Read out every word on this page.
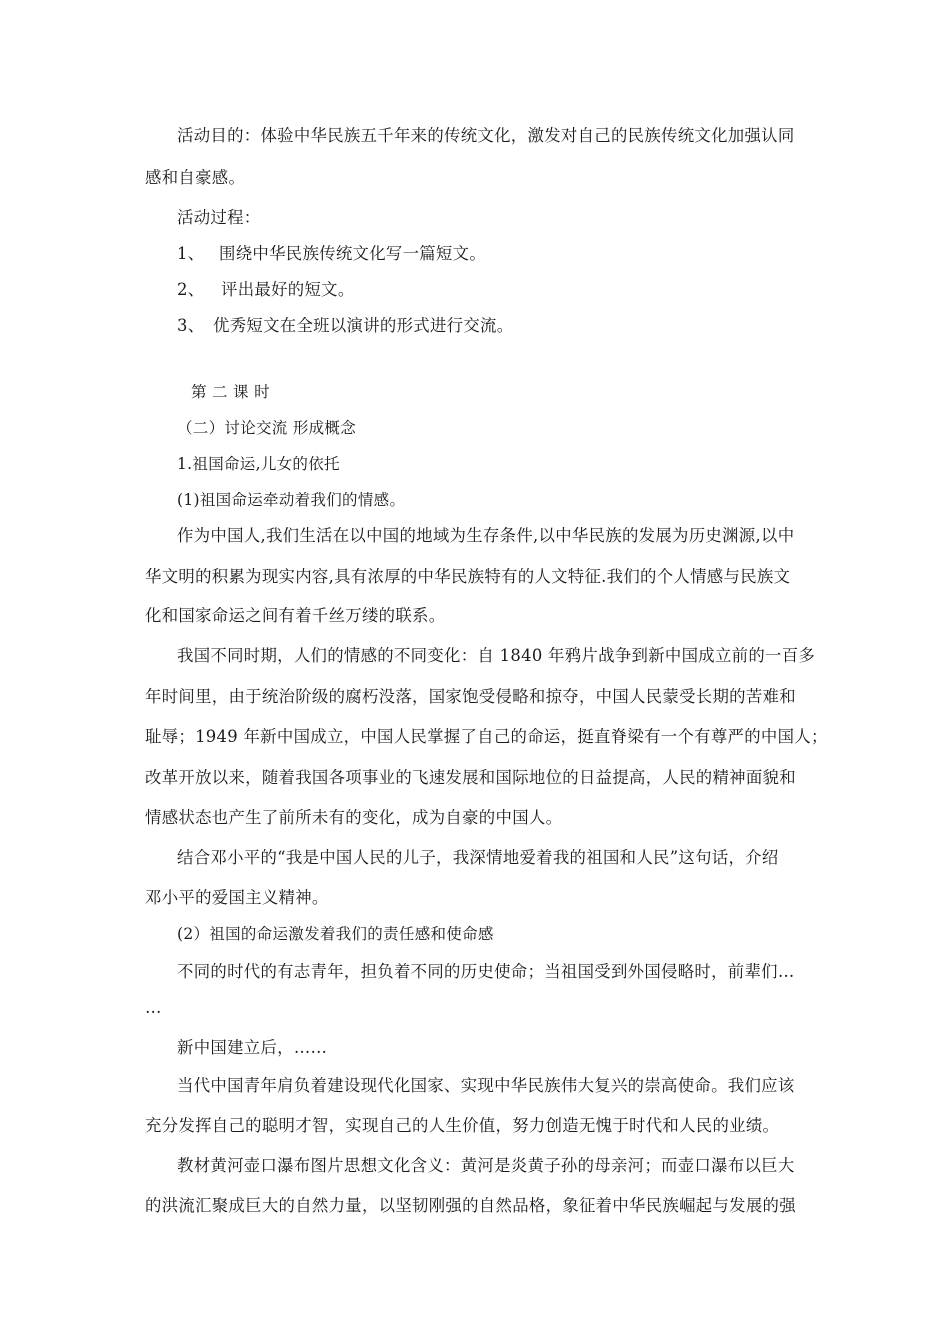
活动目的：体验中华民族五千年来的传统文化，激发对自己的民族传统文化加强认同
感和自豪感。
活动过程：
1、 围绕中华民族传统文化写一篇短文。
2、 评出最好的短文。
3、 优秀短文在全班以演讲的形式进行交流。
第 二 课 时
（二）讨论交流 形成概念
1.祖国命运,儿女的依托
(1)祖国命运牵动着我们的情感。
作为中国人,我们生活在以中国的地域为生存条件,以中华民族的发展为历史渊源,以中
华文明的积累为现实内容,具有浓厚的中华民族特有的人文特征.我们的个人情感与民族文
化和国家命运之间有着千丝万缕的联系。
我国不同时期，人们的情感的不同变化：自 1840 年鸦片战争到新中国成立前的一百多
年时间里，由于统治阶级的腐朽没落，国家饱受侵略和掠夺，中国人民蒙受长期的苦难和
耻辱；1949 年新中国成立，中国人民掌握了自己的命运，挺直脊梁有一个有尊严的中国人；
改革开放以来，随着我国各项事业的飞速发展和国际地位的日益提高，人民的精神面貌和
情感状态也产生了前所未有的变化，成为自豪的中国人。
结合邓小平的“我是中国人民的儿子，我深情地爱着我的祖国和人民”这句话，介绍
邓小平的爱国主义精神。
(2）祖国的命运激发着我们的责任感和使命感
不同的时代的有志青年，担负着不同的历史使命；当祖国受到外国侵略时，前辈们…
…
新中国建立后，……
当代中国青年肩负着建设现代化国家、实现中华民族伟大复兴的崇高使命。我们应该
充分发挥自己的聪明才智，实现自己的人生价值，努力创造无愧于时代和人民的业绩。
教材黄河壶口瀑布图片思想文化含义：黄河是炎黄子孙的母亲河；而壶口瀑布以巨大
的洪流汇聚成巨大的自然力量，以坚韧刚强的自然品格，象征着中华民族崛起与发展的强
